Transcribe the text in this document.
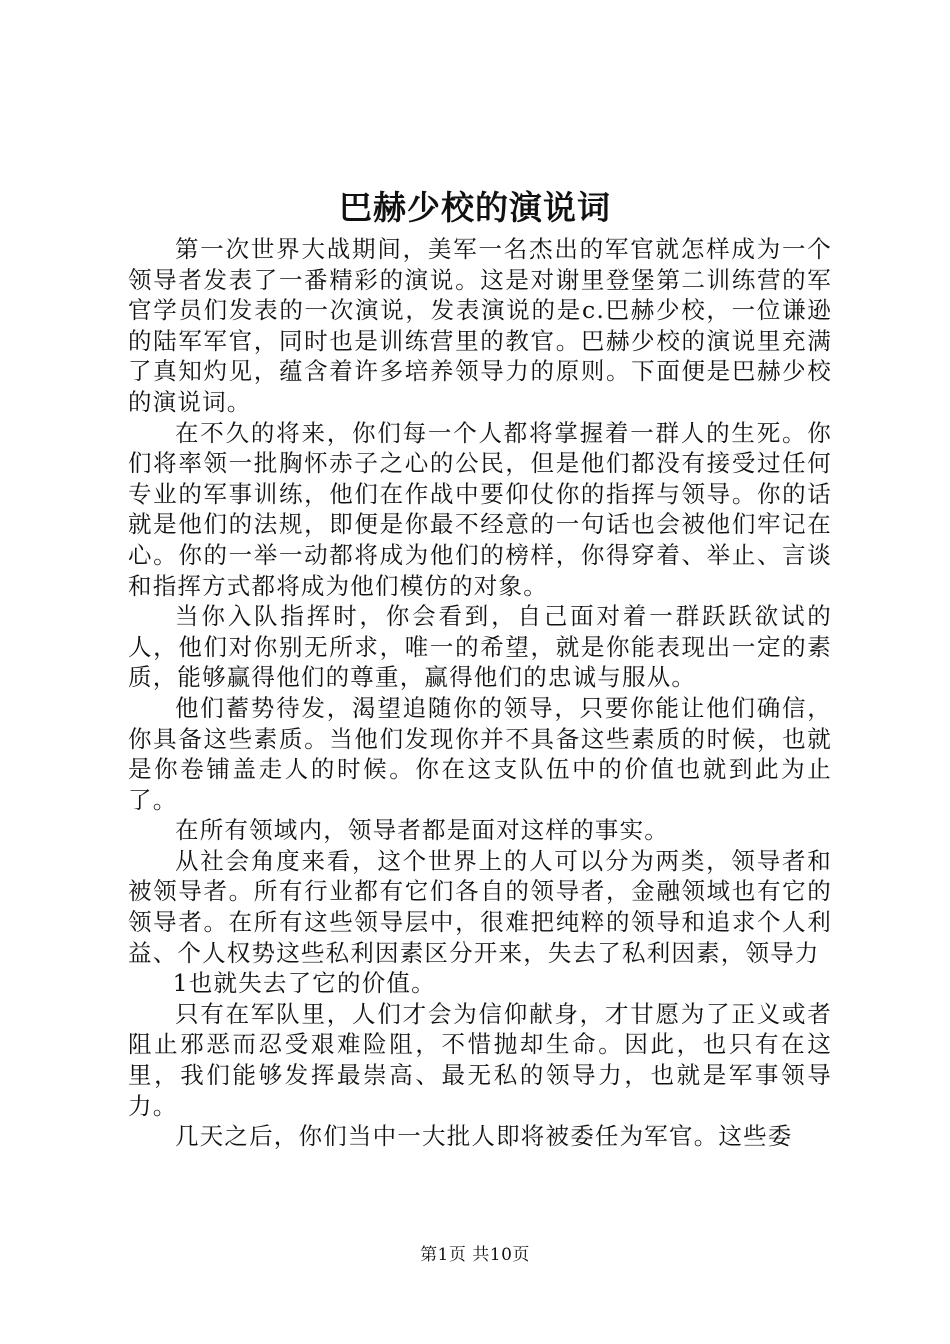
巴赫少校的演说词

第一次世界大战期间，美军一名杰出的军官就怎样成为一个领导者发表了一番精彩的演说。这是对谢里登堡第二训练营的军官学员们发表的一次演说，发表演说的是c.巴赫少校，一位谦逊的陆军军官，同时也是训练营里的教官。巴赫少校的演说里充满了真知灼见，蕴含着许多培养领导力的原则。下面便是巴赫少校的演说词。

在不久的将来，你们每一个人都将掌握着一群人的生死。你们将率领一批胸怀赤子之心的公民，但是他们都没有接受过任何专业的军事训练，他们在作战中要仰仗你的指挥与领导。你的话就是他们的法规，即便是你最不经意的一句话也会被他们牢记在心。你的一举一动都将成为他们的榜样，你得穿着、举止、言谈和指挥方式都将成为他们模仿的对象。

当你入队指挥时，你会看到，自己面对着一群跃跃欲试的人，他们对你别无所求，唯一的希望，就是你能表现出一定的素质，能够赢得他们的尊重，赢得他们的忠诚与服从。

他们蓄势待发，渴望追随你的领导，只要你能让他们确信，你具备这些素质。当他们发现你并不具备这些素质的时候，也就是你卷铺盖走人的时候。你在这支队伍中的价值也就到此为止了。

在所有领域内，领导者都是面对这样的事实。

从社会角度来看，这个世界上的人可以分为两类，领导者和被领导者。所有行业都有它们各自的领导者，金融领域也有它的领导者。在所有这些领导层中，很难把纯粹的领导和追求个人利益、个人权势这些私利因素区分开来，失去了私利因素，领导力

1也就失去了它的价值。

只有在军队里，人们才会为信仰献身，才甘愿为了正义或者阻止邪恶而忍受艰难险阻，不惜抛却生命。因此，也只有在这里，我们能够发挥最崇高、最无私的领导力，也就是军事领导力。

几天之后，你们当中一大批人即将被委任为军官。这些委

第1页 共10页
